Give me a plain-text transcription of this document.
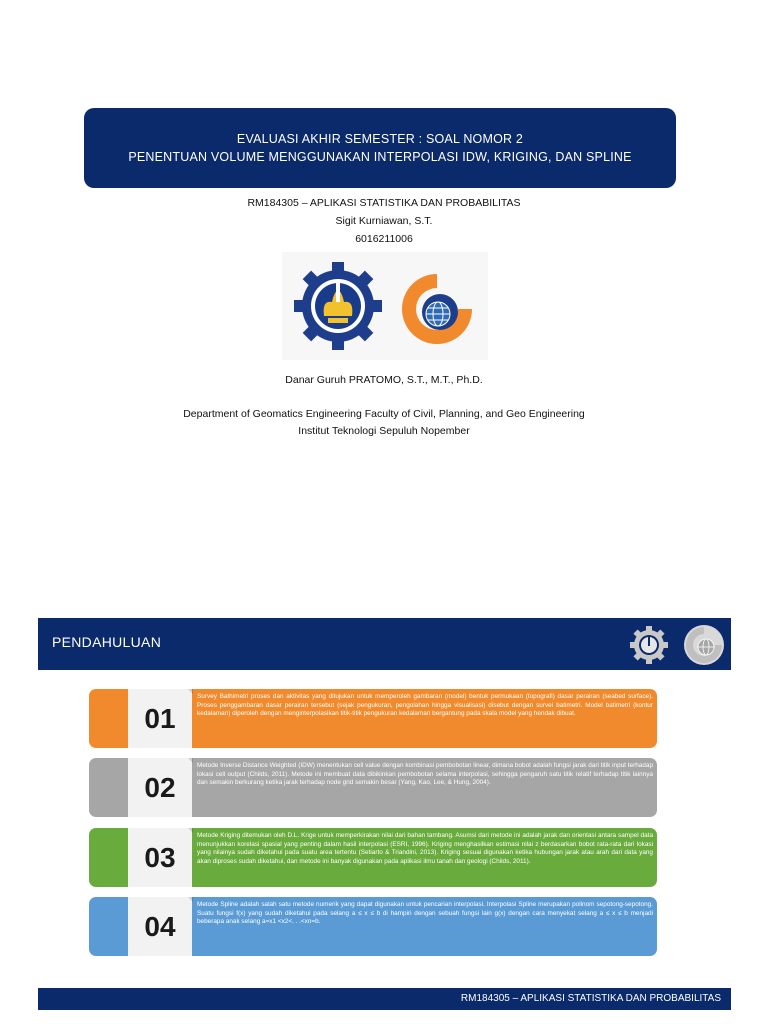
EVALUASI AKHIR SEMESTER : SOAL NOMOR 2
PENENTUAN VOLUME MENGGUNAKAN INTERPOLASI IDW, KRIGING, DAN SPLINE
RM184305 – APLIKASI STATISTIKA DAN PROBABILITAS
Sigit Kurniawan, S.T.
6016211006
Danar Guruh PRATOMO, S.T., M.T., Ph.D.
Department of Geomatics Engineering Faculty of Civil, Planning, and Geo Engineering
Institut Teknologi Sepuluh Nopember
PENDAHULUAN
01
Survey Bathimetri proses dan aktivitas yang ditujukan untuk memperoleh gambaran (model) bentuk permukaan (topografi) dasar perairan (seabed surface). Proses penggambaran dasar perairan tersebut (sejak pengukuran, pengolahan hingga visualisasi) disebut dengan survei batimetri. Model batimetri (kontur kedalaman) diperoleh dengan menginterpolasikan titik-titik pengukuran kedalaman bergantung pada skala model yang hendak dibuat.
02
Metode Inverse Distance Weighted (IDW) menentukan cell value dengan kombinasi pembobotan linear, dimana bobot adalah fungsi jarak dari titik input terhadap lokasi cell output (Childs, 2011). Metode ini membuat data dibikinkan pembobotan selama interpolasi, sehingga pengaruh satu titik relatif terhadap titik lainnya dan semakin berkurang ketika jarak terhadap node grid semakin besar (Yang, Kao, Lee, & Hung, 2004).
03
Metode Kriging ditemukan oleh D.L. Krige untuk memperkirakan nilai dari bahan tambang. Asumsi dari metode ini adalah jarak dan orientasi antara sampel data menunjukkan korelasi spasial yang penting dalam hasil interpolasi (ESRI, 1996). Kriging menghasilkan estimasi nilai z berdasarkan bobot rata-rata dari lokasi yang nilainya sudah diketahui pada suatu area tertentu (Setiarto & Triandini, 2013). Kriging sesuai digunakan ketika hubungan jarak atau arah dari data yang akan diproses sudah diketahui, dan metode ini banyak digunakan pada aplikasi ilmu tanah dan geologi (Childs, 2011).
04
Metode Spline adalah salah satu metode numerik yang dapat digunakan untuk pencarian interpolasi. Interpolasi Spline merupakan polinom sepotong-sepotong. Suatu fungsi f(x) yang sudah diketahui pada selang a ≤ x ≤ b di hampiri dengan sebuah fungsi lain g(x) dengan cara menyekat selang a ≤ x ≤ b menjadi beberapa anak selang a=x1 <x2<. . .<xn=b.
RM184305 – APLIKASI STATISTIKA DAN PROBABILITAS
